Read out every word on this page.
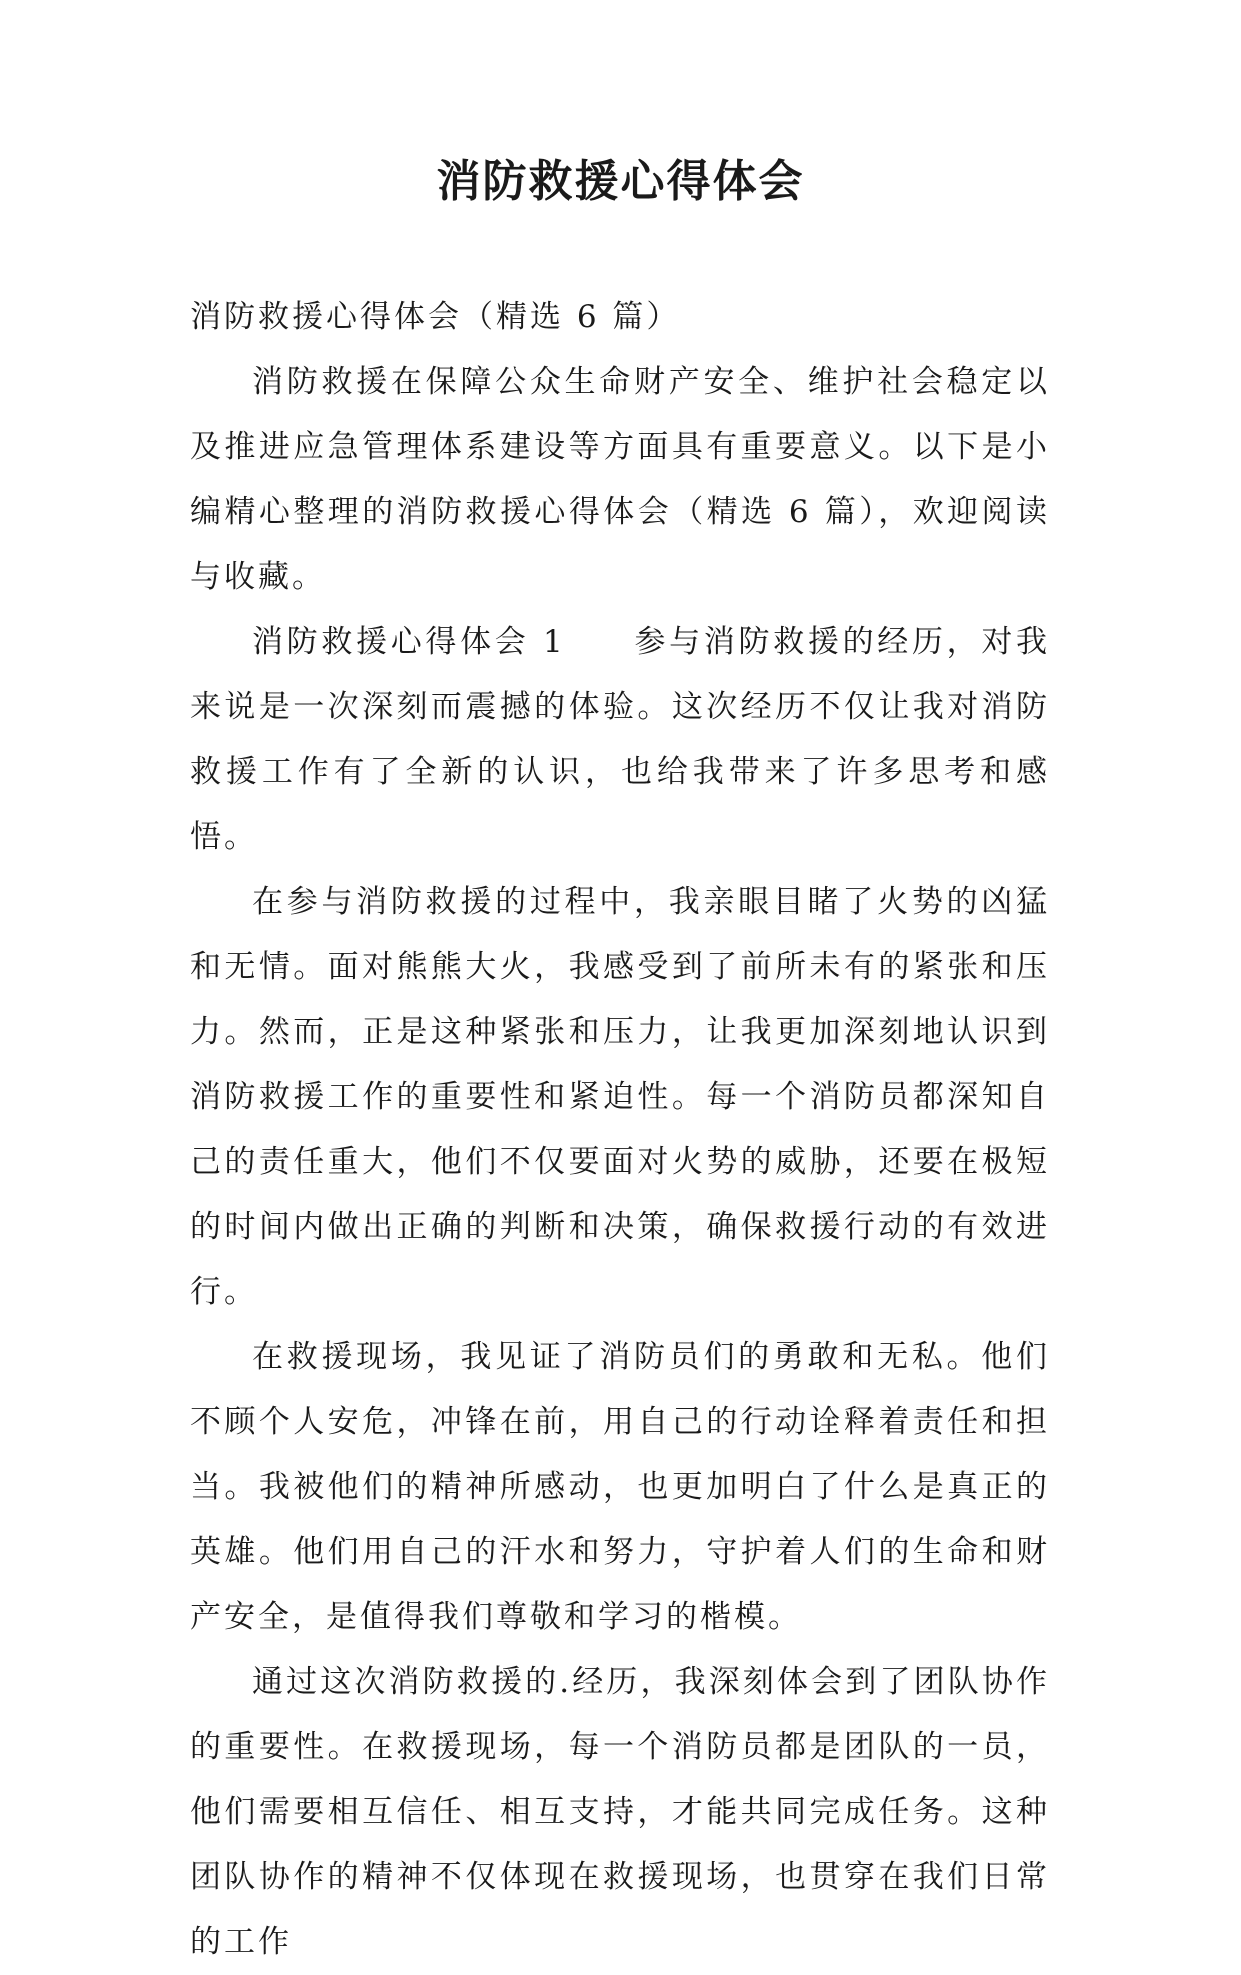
消防救援心得体会

消防救援心得体会（精选 6 篇）

消防救援在保障公众生命财产安全、维护社会稳定以及推进应急管理体系建设等方面具有重要意义。以下是小编精心整理的消防救援心得体会（精选 6 篇），欢迎阅读与收藏。

消防救援心得体会 1 参与消防救援的经历，对我来说是一次深刻而震撼的体验。这次经历不仅让我对消防救援工作有了全新的认识，也给我带来了许多思考和感悟。

在参与消防救援的过程中，我亲眼目睹了火势的凶猛和无情。面对熊熊大火，我感受到了前所未有的紧张和压力。然而，正是这种紧张和压力，让我更加深刻地认识到消防救援工作的重要性和紧迫性。每一个消防员都深知自己的责任重大，他们不仅要面对火势的威胁，还要在极短的时间内做出正确的判断和决策，确保救援行动的有效进行。

在救援现场，我见证了消防员们的勇敢和无私。他们不顾个人安危，冲锋在前，用自己的行动诠释着责任和担当。我被他们的精神所感动，也更加明白了什么是真正的英雄。他们用自己的汗水和努力，守护着人们的生命和财产安全，是值得我们尊敬和学习的楷模。

通过这次消防救援的.经历，我深刻体会到了团队协作的重要性。在救援现场，每一个消防员都是团队的一员，他们需要相互信任、相互支持，才能共同完成任务。这种团队协作的精神不仅体现在救援现场，也贯穿在我们日常的工作
